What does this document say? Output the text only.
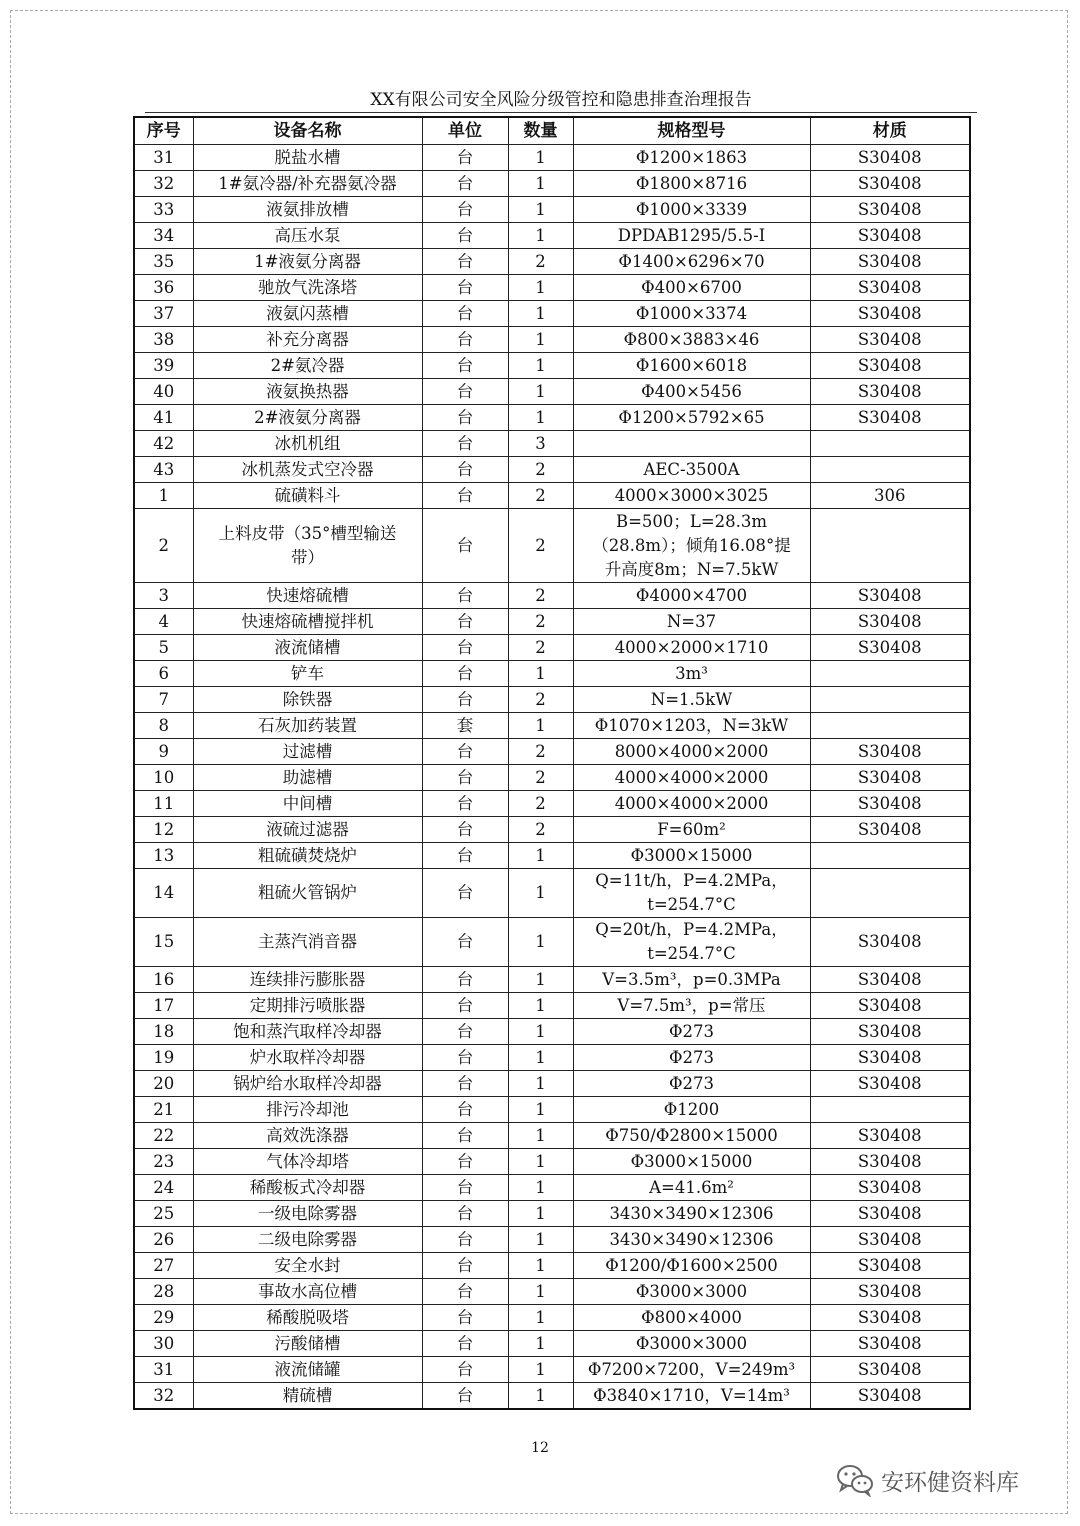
XX有限公司安全风险分级管控和隐患排查治理报告
序号	设备名称	单位	数量	规格型号	材质
31	脱盐水槽	台	1	Φ1200×1863	S30408
32	1#氨冷器/补充器氨冷器	台	1	Φ1800×8716	S30408
33	液氨排放槽	台	1	Φ1000×3339	S30408
34	高压水泵	台	1	DPDAB1295/5.5-I	S30408
35	1#液氨分离器	台	2	Φ1400×6296×70	S30408
36	驰放气洗涤塔	台	1	Φ400×6700	S30408
37	液氨闪蒸槽	台	1	Φ1000×3374	S30408
38	补充分离器	台	1	Φ800×3883×46	S30408
39	2#氨冷器	台	1	Φ1600×6018	S30408
40	液氨换热器	台	1	Φ400×5456	S30408
41	2#液氨分离器	台	1	Φ1200×5792×65	S30408
42	冰机机组	台	3		
43	冰机蒸发式空冷器	台	2	AEC-3500A	
1	硫磺料斗	台	2	4000×3000×3025	306
2	上料皮带（35°槽型输送
带）	台	2	B=500；L=28.3m
（28.8m）；倾角16.08°提
升高度8m；N=7.5kW	

3	快速熔硫槽	台	2	Φ4000×4700	S30408
4	快速熔硫槽搅拌机	台	2	N=37	S30408
5	液流储槽	台	2	4000×2000×1710	S30408
6	铲车	台	1	3m³	
7	除铁器	台	2	N=1.5kW	
8	石灰加药装置	套	1	Φ1070×1203，N=3kW	
9	过滤槽	台	2	8000×4000×2000	S30408
10	助滤槽	台	2	4000×4000×2000	S30408
11	中间槽	台	2	4000×4000×2000	S30408
12	液硫过滤器	台	2	F=60m²	S30408
13	粗硫磺焚烧炉	台	1	Φ3000×15000	
14	粗硫火管锅炉	台	1	Q=11t/h，P=4.2MPa，
t=254.7°C	

15	主蒸汽消音器	台	1	Q=20t/h，P=4.2MPa，
t=254.7°C	S30408
16	连续排污膨胀器	台	1	V=3.5m³，p=0.3MPa	S30408
17	定期排污喷胀器	台	1	V=7.5m³，p=常压	S30408
18	饱和蒸汽取样冷却器	台	1	Φ273	S30408
19	炉水取样冷却器	台	1	Φ273	S30408
20	锅炉给水取样冷却器	台	1	Φ273	S30408
21	排污冷却池	台	1	Φ1200	
22	高效洗涤器	台	1	Φ750/Φ2800×15000	S30408
23	气体冷却塔	台	1	Φ3000×15000	S30408
24	稀酸板式冷却器	台	1	A=41.6m²	S30408
25	一级电除雾器	台	1	3430×3490×12306	S30408
26	二级电除雾器	台	1	3430×3490×12306	S30408
27	安全水封	台	1	Φ1200/Φ1600×2500	S30408
28	事故水高位槽	台	1	Φ3000×3000	S30408
29	稀酸脱吸塔	台	1	Φ800×4000	S30408
30	污酸储槽	台	1	Φ3000×3000	S30408
31	液流储罐	台	1	Φ7200×7200，V=249m³	S30408
32	精硫槽	台	1	Φ3840×1710，V=14m³	S30408
12
安环健资料库
